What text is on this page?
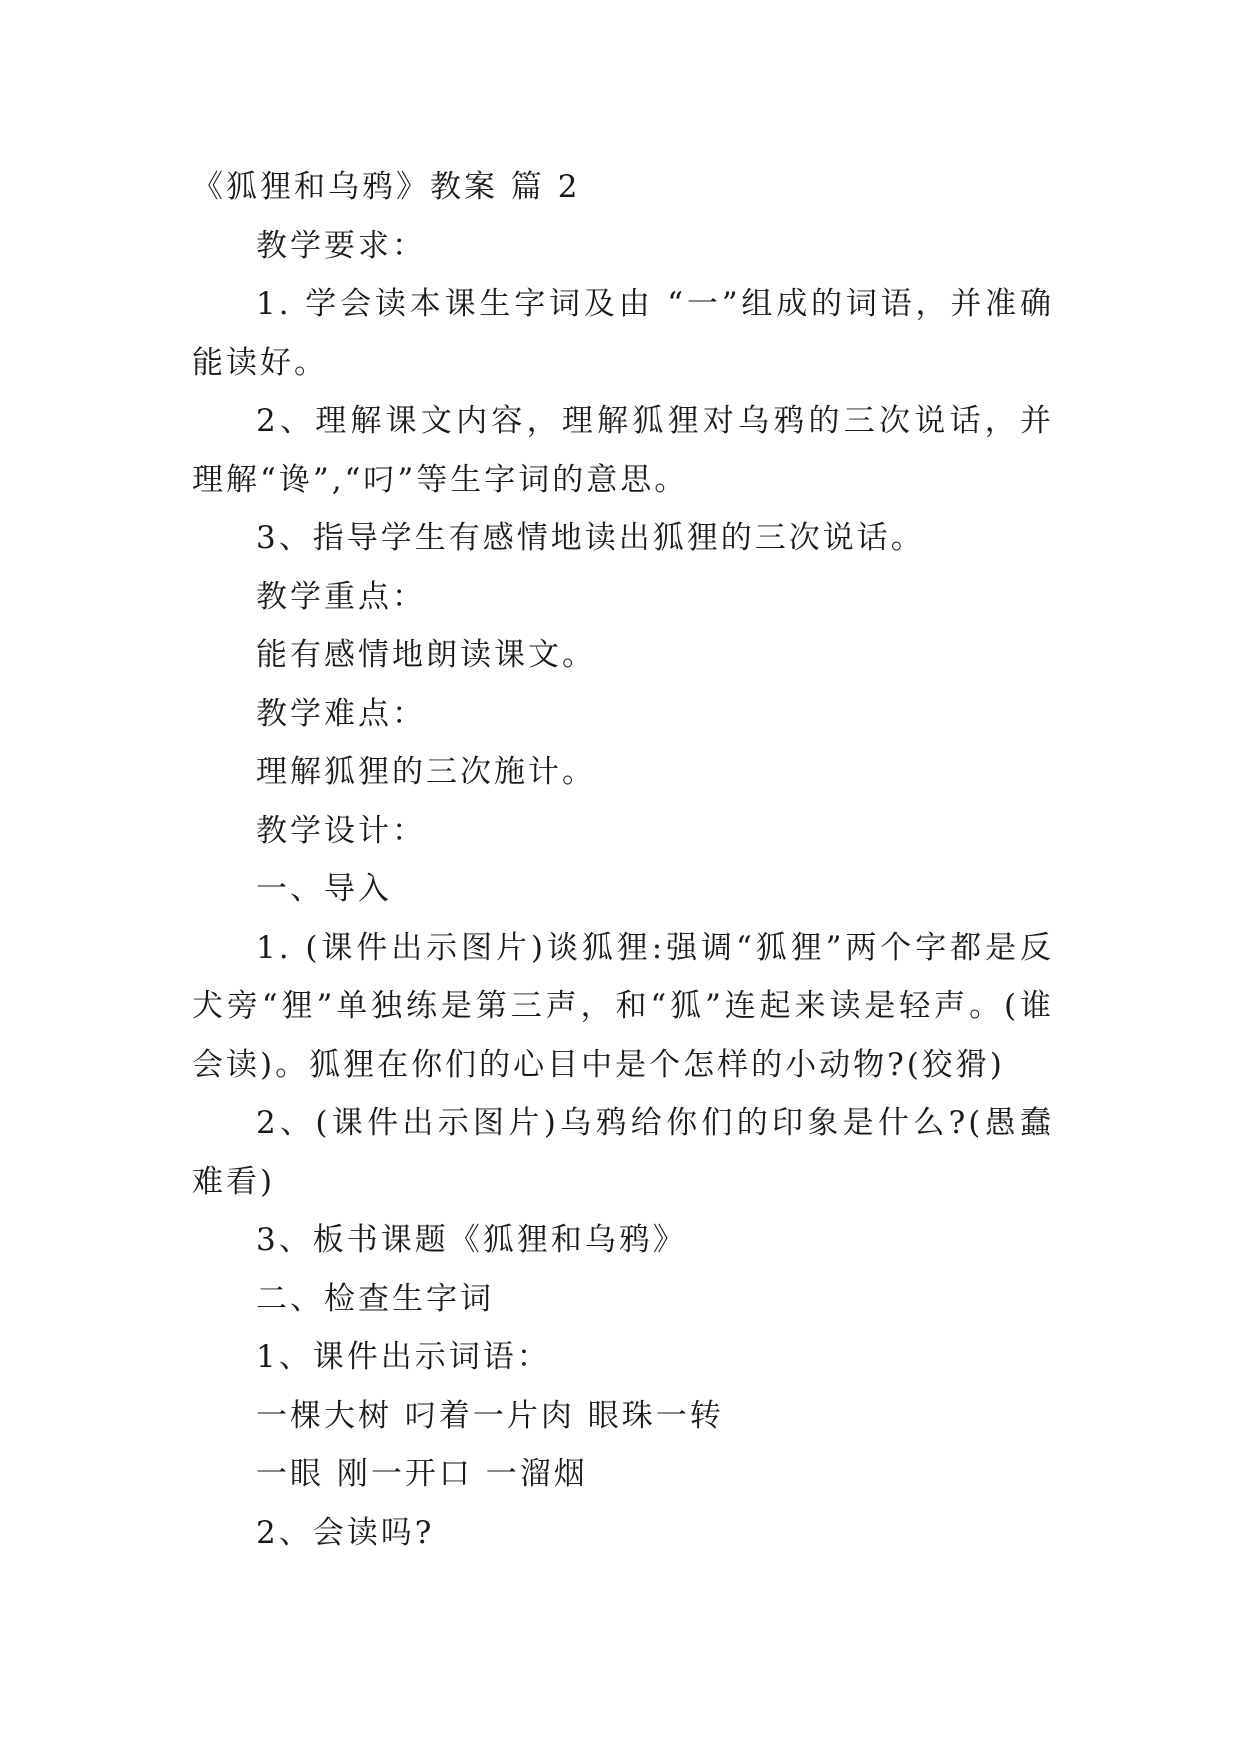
《狐狸和乌鸦》教案 篇 2

教学要求：

1. 学会读本课生字词及由 “一”组成的词语，并准确能读好。

2、理解课文内容，理解狐狸对乌鸦的三次说话，并理解“谗”,“叼”等生字词的意思。

3、指导学生有感情地读出狐狸的三次说话。

教学重点：

能有感情地朗读课文。

教学难点：

理解狐狸的三次施计。

教学设计：

一、导入

1. (课件出示图片)谈狐狸:强调“狐狸”两个字都是反犬旁“狸”单独练是第三声，和“狐”连起来读是轻声。(谁会读)。狐狸在你们的心目中是个怎样的小动物?(狡猾)

2、(课件出示图片)乌鸦给你们的印象是什么?(愚蠢 难看)

3、板书课题《狐狸和乌鸦》

二、检查生字词

1、课件出示词语：

一棵大树 叼着一片肉 眼珠一转

一眼 刚一开口 一溜烟

2、会读吗?
